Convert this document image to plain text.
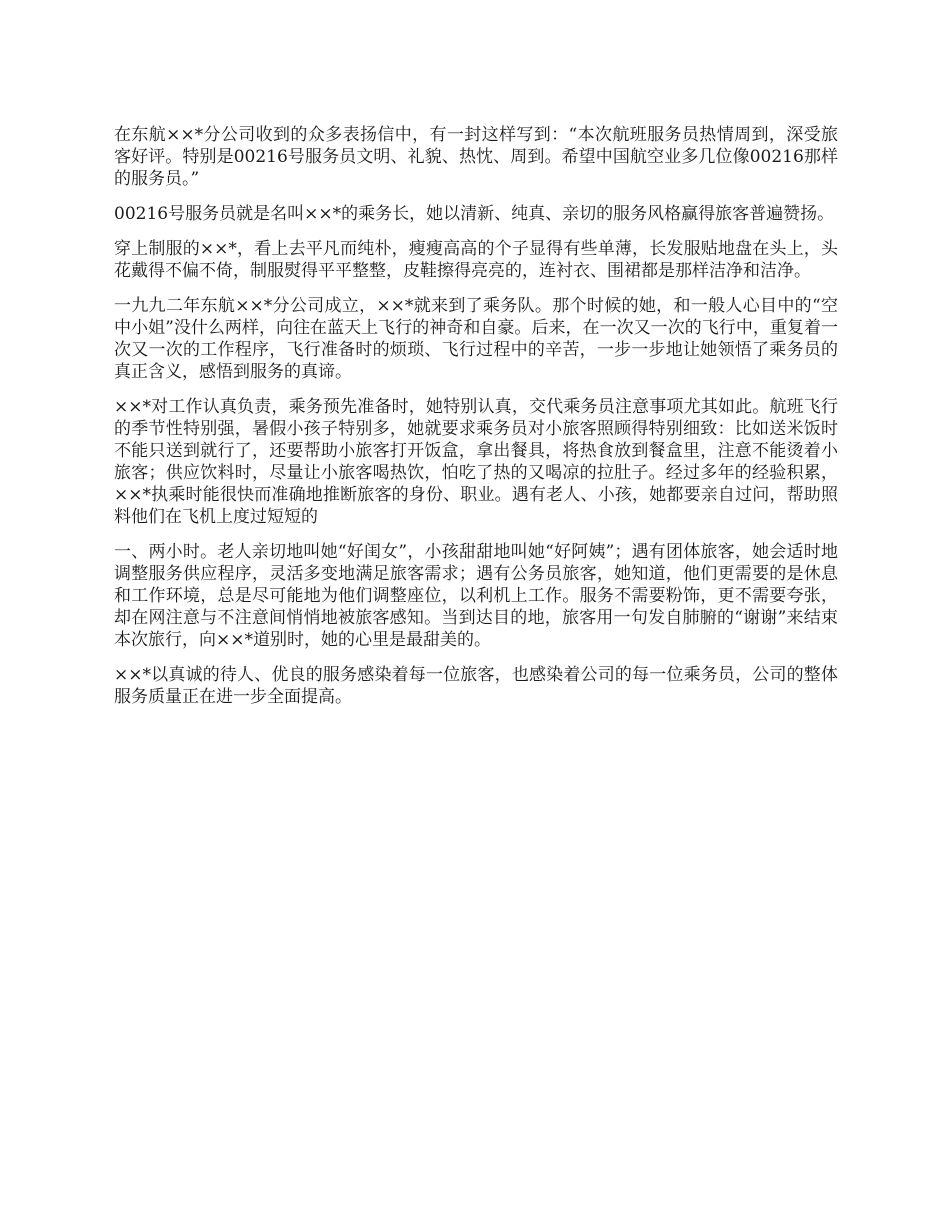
在东航××*分公司收到的众多表扬信中，有一封这样写到：“本次航班服务员热情周到，深受旅客好评。特别是00216号服务员文明、礼貌、热忱、周到。希望中国航空业多几位像00216那样的服务员。”

00216号服务员就是名叫××*的乘务长，她以清新、纯真、亲切的服务风格赢得旅客普遍赞扬。

穿上制服的××*，看上去平凡而纯朴，瘦瘦高高的个子显得有些单薄，长发服贴地盘在头上，头花戴得不偏不倚，制服熨得平平整整，皮鞋擦得亮亮的，连衬衣、围裙都是那样洁净和洁净。

一九九二年东航××*分公司成立，××*就来到了乘务队。那个时候的她，和一般人心目中的“空中小姐”没什么两样，向往在蓝天上飞行的神奇和自豪。后来，在一次又一次的飞行中，重复着一次又一次的工作程序，飞行准备时的烦琐、飞行过程中的辛苦，一步一步地让她领悟了乘务员的真正含义，感悟到服务的真谛。

××*对工作认真负责，乘务预先准备时，她特别认真，交代乘务员注意事项尤其如此。航班飞行的季节性特别强，暑假小孩子特别多，她就要求乘务员对小旅客照顾得特别细致：比如送米饭时不能只送到就行了，还要帮助小旅客打开饭盒，拿出餐具，将热食放到餐盒里，注意不能烫着小旅客；供应饮料时，尽量让小旅客喝热饮，怕吃了热的又喝凉的拉肚子。经过多年的经验积累，××*执乘时能很快而准确地推断旅客的身份、职业。遇有老人、小孩，她都要亲自过问，帮助照料他们在飞机上度过短短的

一、两小时。老人亲切地叫她“好闺女”，小孩甜甜地叫她“好阿姨”；遇有团体旅客，她会适时地调整服务供应程序，灵活多变地满足旅客需求；遇有公务员旅客，她知道，他们更需要的是休息和工作环境，总是尽可能地为他们调整座位，以利机上工作。服务不需要粉饰，更不需要夸张，却在网注意与不注意间悄悄地被旅客感知。当到达目的地，旅客用一句发自肺腑的“谢谢”来结束本次旅行，向××*道别时，她的心里是最甜美的。

××*以真诚的待人、优良的服务感染着每一位旅客，也感染着公司的每一位乘务员，公司的整体服务质量正在进一步全面提高。
